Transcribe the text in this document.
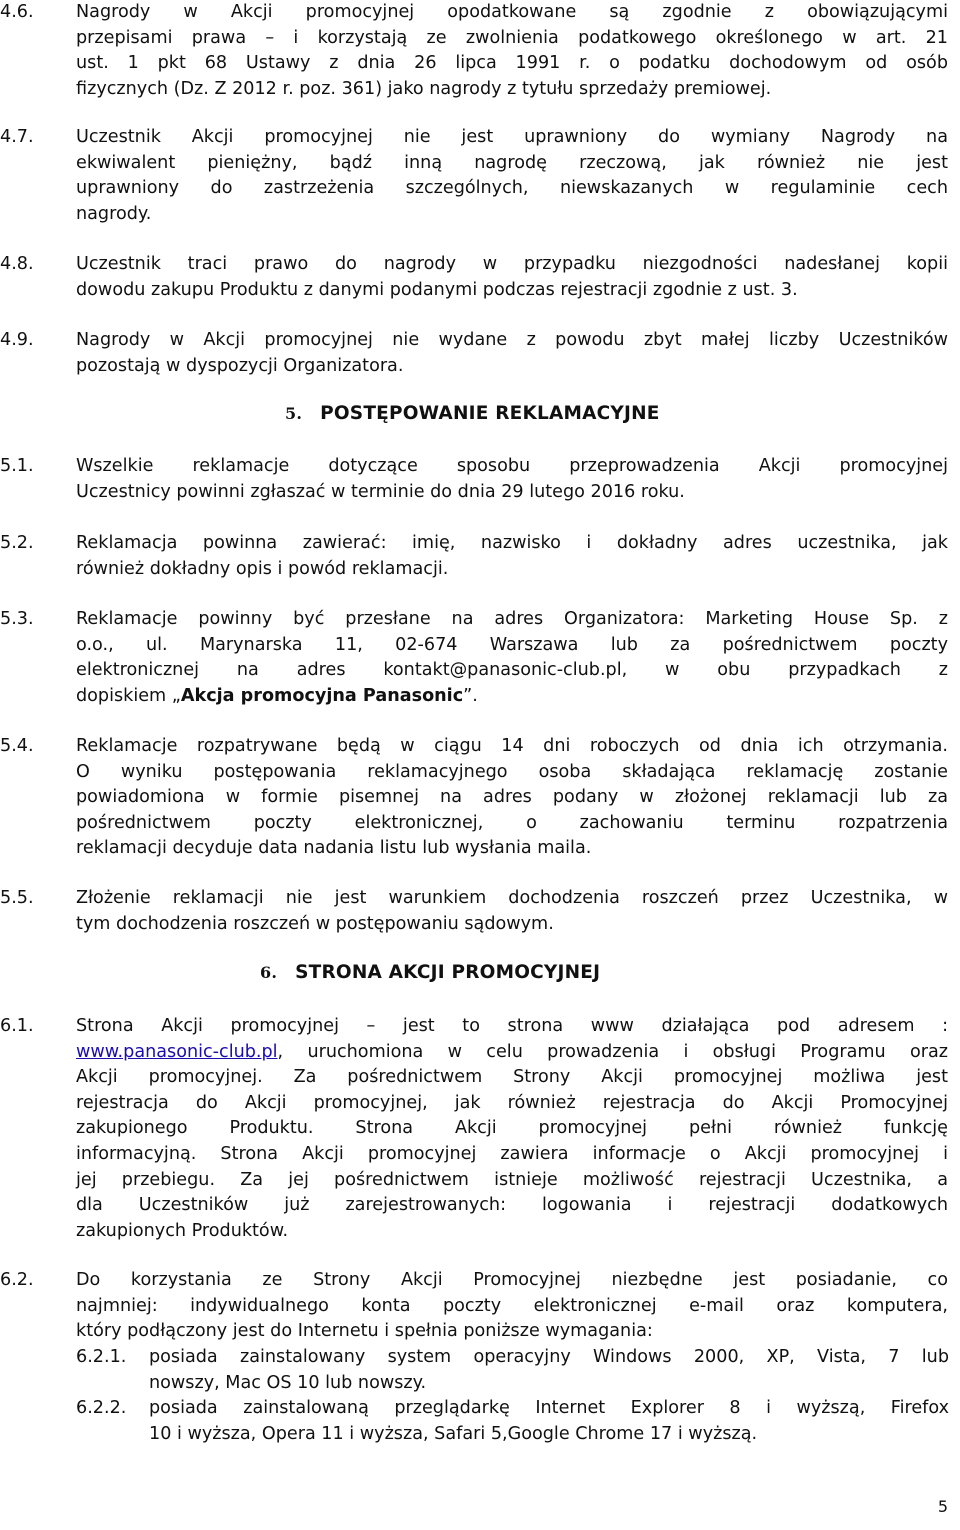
4.6.	Nagrody w Akcji promocyjnej opodatkowane są zgodnie z obowiązującymi
przepisami prawa – i korzystają ze zwolnienia podatkowego określonego w art. 21
ust. 1 pkt 68 Ustawy z dnia 26 lipca 1991 r. o podatku dochodowym od osób
fizycznych (Dz. Z 2012 r. poz. 361) jako nagrody z tytułu sprzedaży premiowej.
4.7.	Uczestnik Akcji promocyjnej nie jest uprawniony do wymiany Nagrody na
ekwiwalent pieniężny, bądź inną nagrodę rzeczową, jak również nie jest
uprawniony do zastrzeżenia szczególnych, niewskazanych w regulaminie cech
nagrody.
4.8.	Uczestnik traci prawo do nagrody w przypadku niezgodności nadesłanej kopii
dowodu zakupu Produktu z danymi podanymi podczas rejestracji zgodnie z ust. 3.
4.9.	Nagrody w Akcji promocyjnej nie wydane z powodu zbyt małej liczby Uczestników
pozostają w dyspozycji Organizatora.
5. POSTĘPOWANIE REKLAMACYJNE
5.1.	Wszelkie reklamacje dotyczące sposobu przeprowadzenia Akcji promocyjnej
Uczestnicy powinni zgłaszać w terminie do dnia 29 lutego 2016 roku.
5.2.	Reklamacja powinna zawierać: imię, nazwisko i dokładny adres uczestnika, jak
również dokładny opis i powód reklamacji.
5.3.	Reklamacje powinny być przesłane na adres Organizatora: Marketing House Sp. z
o.o., ul. Marynarska 11, 02-674 Warszawa lub za pośrednictwem poczty
elektronicznej na adres kontakt@panasonic-club.pl, w obu przypadkach z
dopiskiem „Akcja promocyjna Panasonic”.
5.4.	Reklamacje rozpatrywane będą w ciągu 14 dni roboczych od dnia ich otrzymania.
O wyniku postępowania reklamacyjnego osoba składająca reklamację zostanie
powiadomiona w formie pisemnej na adres podany w złożonej reklamacji lub za
pośrednictwem poczty elektronicznej, o zachowaniu terminu rozpatrzenia
reklamacji decyduje data nadania listu lub wysłania maila.
5.5.	Złożenie reklamacji nie jest warunkiem dochodzenia roszczeń przez Uczestnika, w
tym dochodzenia roszczeń w postępowaniu sądowym.
6. STRONA AKCJI PROMOCYJNEJ
6.1.	Strona Akcji promocyjnej – jest to strona www działająca pod adresem :
www.panasonic-club.pl, uruchomiona w celu prowadzenia i obsługi Programu oraz
Akcji promocyjnej. Za pośrednictwem Strony Akcji promocyjnej możliwa jest
rejestracja do Akcji promocyjnej, jak również rejestracja do Akcji Promocyjnej
zakupionego Produktu. Strona Akcji promocyjnej pełni również funkcję
informacyjną. Strona Akcji promocyjnej zawiera informacje o Akcji promocyjnej i
jej przebiegu. Za jej pośrednictwem istnieje możliwość rejestracji Uczestnika, a
dla Uczestników już zarejestrowanych: logowania i rejestracji dodatkowych
zakupionych Produktów.
6.2.	Do korzystania ze Strony Akcji Promocyjnej niezbędne jest posiadanie, co
najmniej: indywidualnego konta poczty elektronicznej e-mail oraz komputera,
który podłączony jest do Internetu i spełnia poniższe wymagania:
6.2.1. posiada zainstalowany system operacyjny Windows 2000, XP, Vista, 7 lub
nowszy, Mac OS 10 lub nowszy.
6.2.2. posiada zainstalowaną przeglądarkę Internet Explorer 8 i wyższą, Firefox
10 i wyższa, Opera 11 i wyższa, Safari 5,Google Chrome 17 i wyższą.
5
